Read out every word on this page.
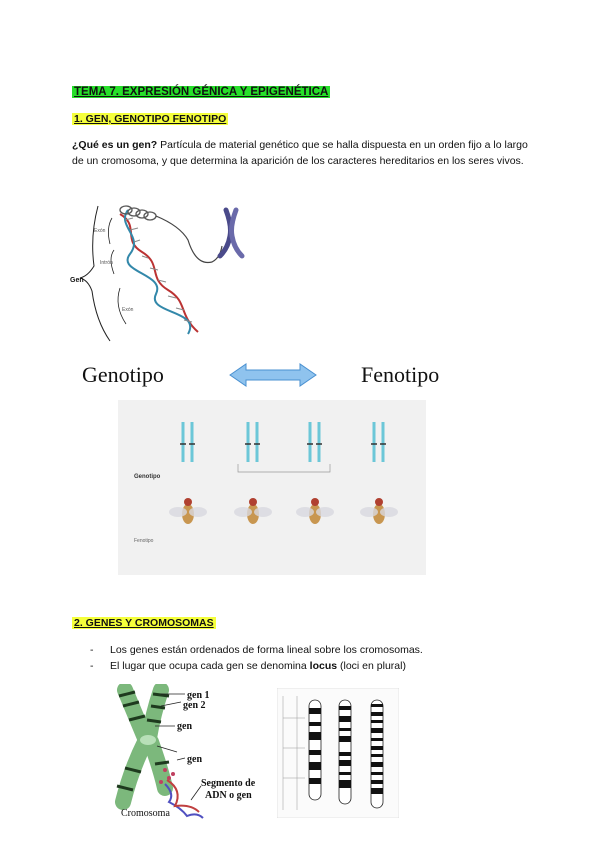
TEMA 7. EXPRESIÓN GÉNICA Y EPIGENÉTICA
1. GEN, GENOTIPO FENOTIPO
¿Qué es un gen? Partícula de material genético que se halla dispuesta en un orden fijo a lo largo de un cromosoma, y que determina la aparición de los caracteres hereditarios en los seres vivos.
Gen
Exón
Intrón
Exón
Genotipo	Fenotipo
Genotipo
Fenotipo
2. GENES Y CROMOSOMAS
- Los genes están ordenados de forma lineal sobre los cromosomas.
- El lugar que ocupa cada gen se denomina locus (loci en plural)
gen 1
gen 2
gen
gen
Segmento de
ADN o gen
Cromosoma
